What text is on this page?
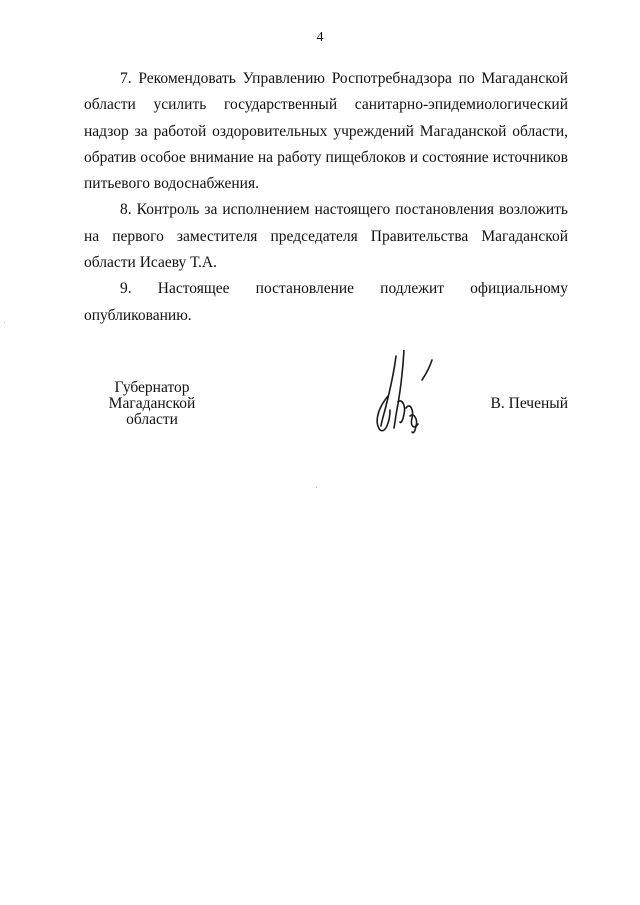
4

7. Рекомендовать Управлению Роспотребнадзора по Магаданской области усилить государственный санитарно-эпидемиологический надзор за работой оздоровительных учреждений Магаданской области, обратив особое внимание на работу пищеблоков и состояние источников питьевого водоснабжения.

8. Контроль за исполнением настоящего постановления возложить на первого заместителя председателя Правительства Магаданской области Исаеву Т.А.

9. Настоящее постановление подлежит официальному опубликованию.

Губернатор
Магаданской области
В. Печеный
